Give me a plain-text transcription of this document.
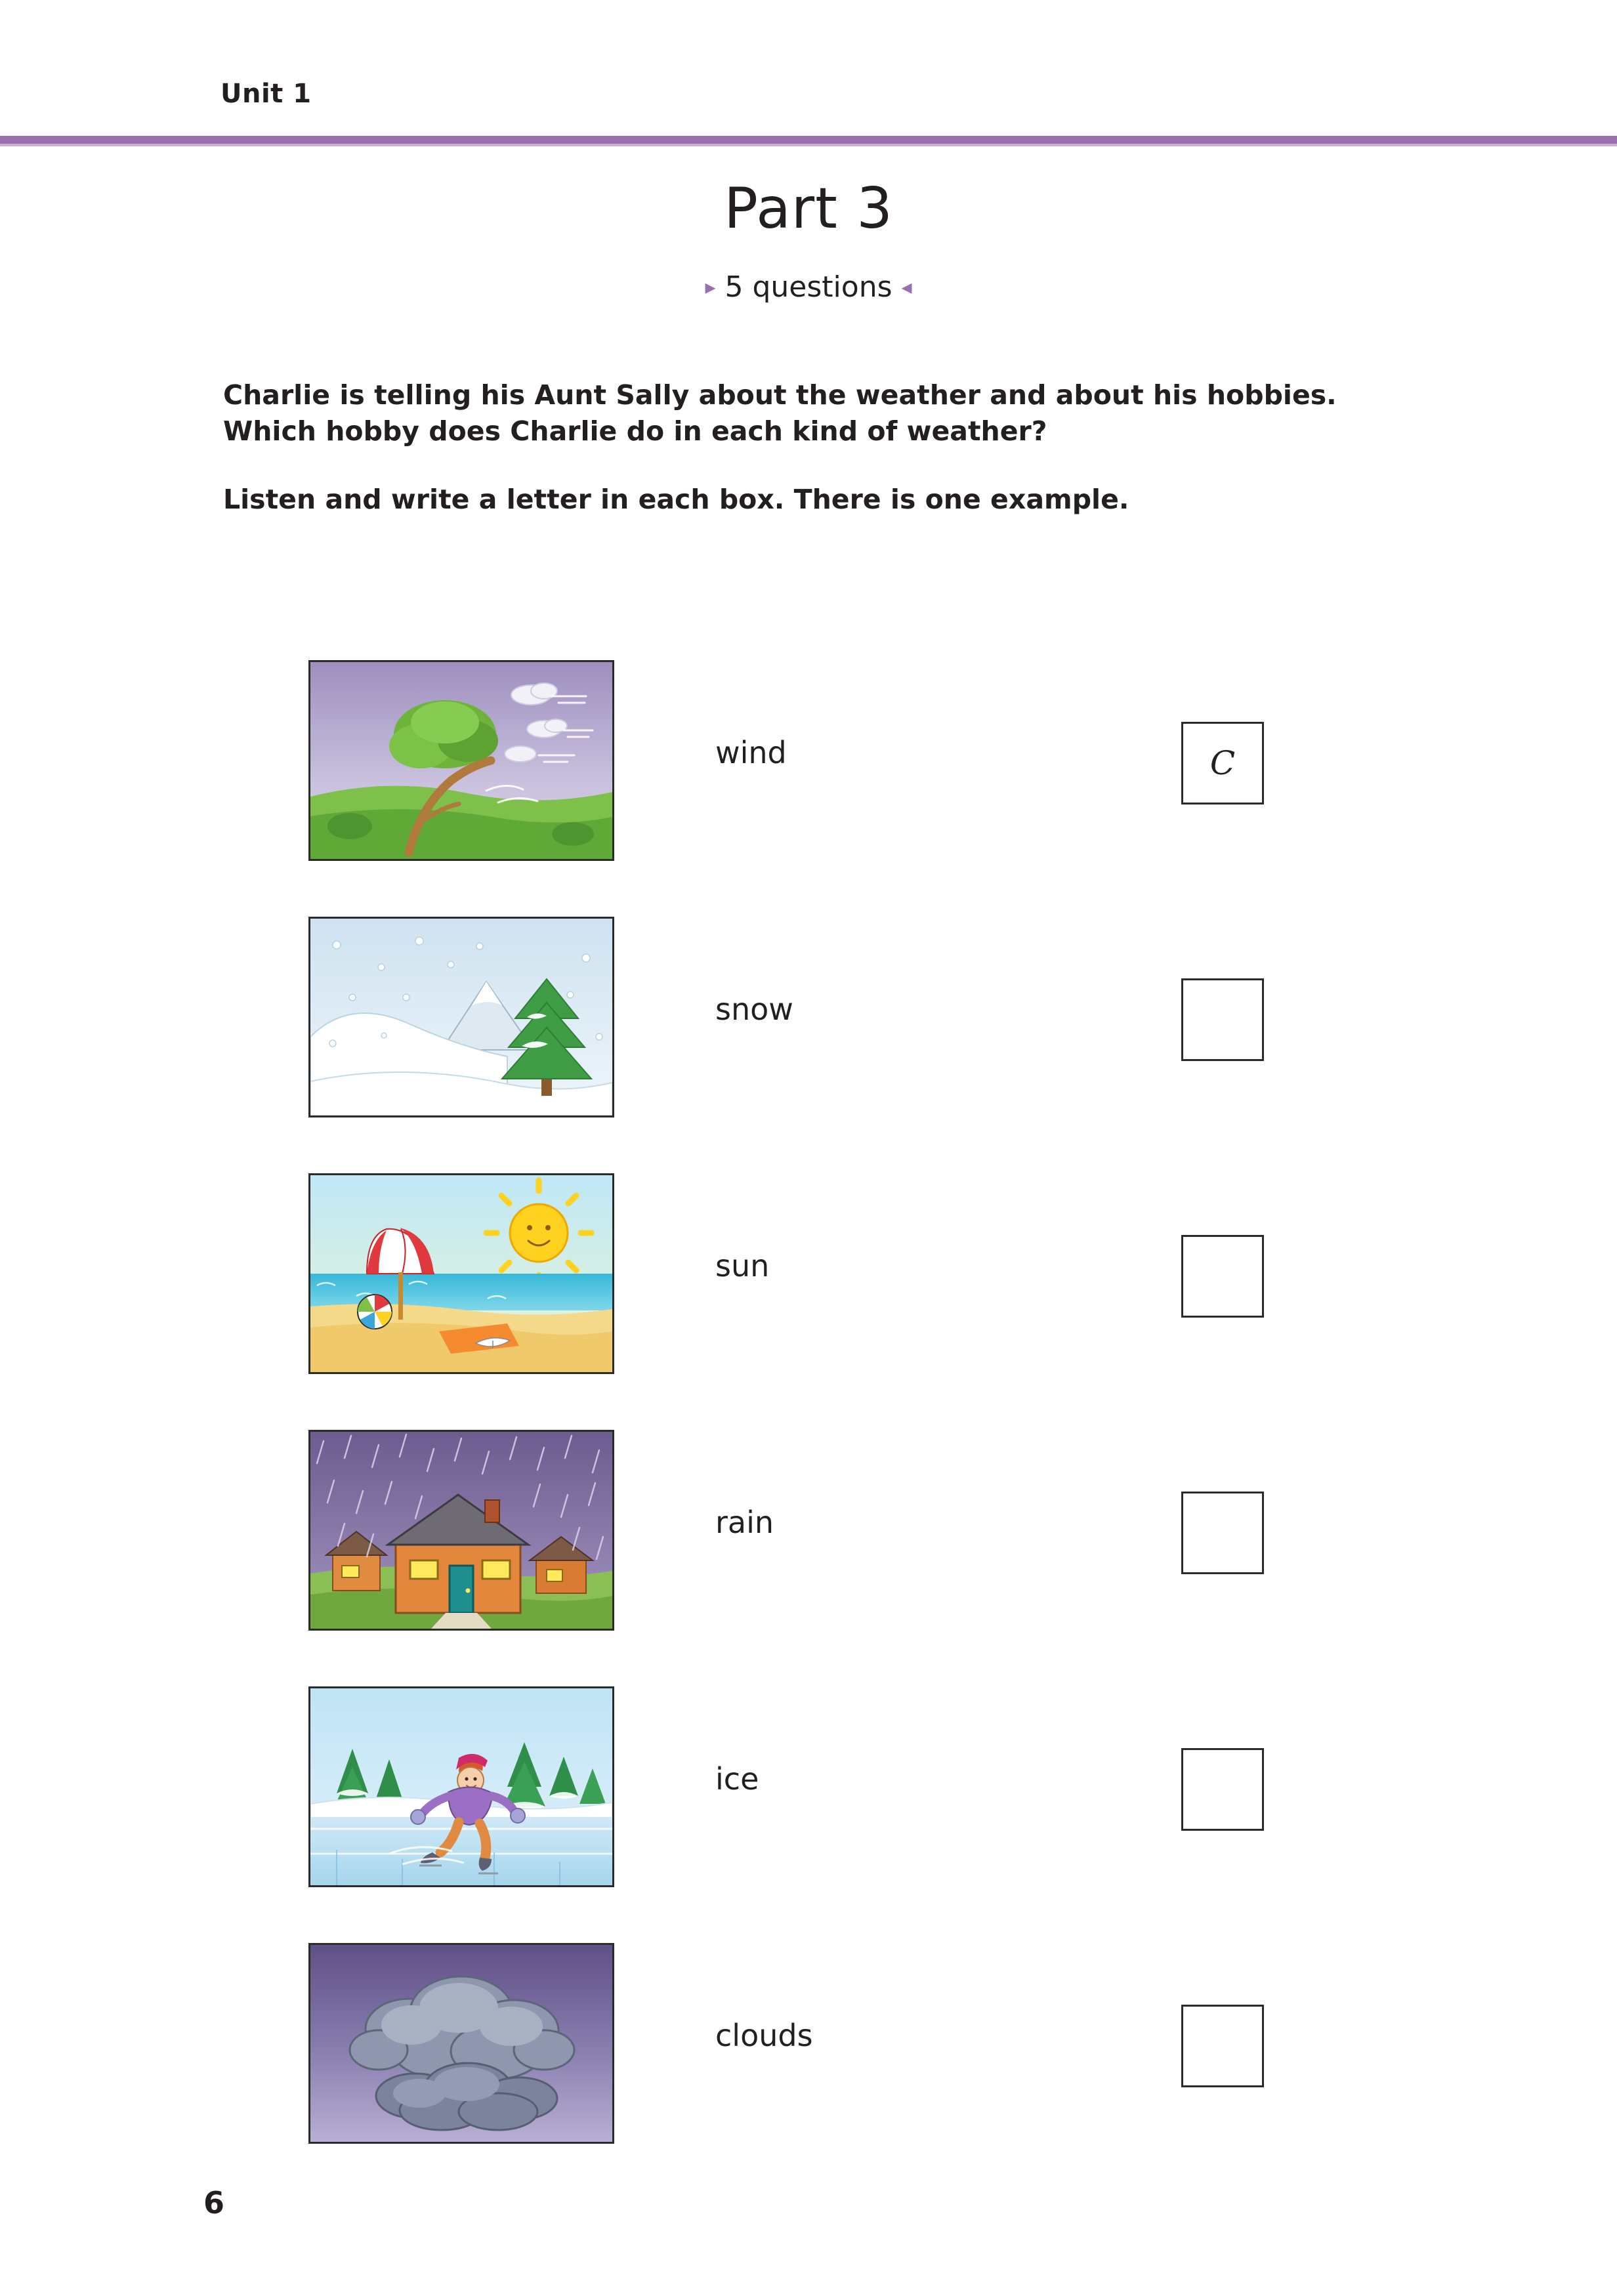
Unit 1
Part 3
▸ 5 questions ◂
Charlie is telling his Aunt Sally about the weather and about his hobbies. Which hobby does Charlie do in each kind of weather?
Listen and write a letter in each box. There is one example.
wind	C
snow
sun
rain
ice
clouds
6
